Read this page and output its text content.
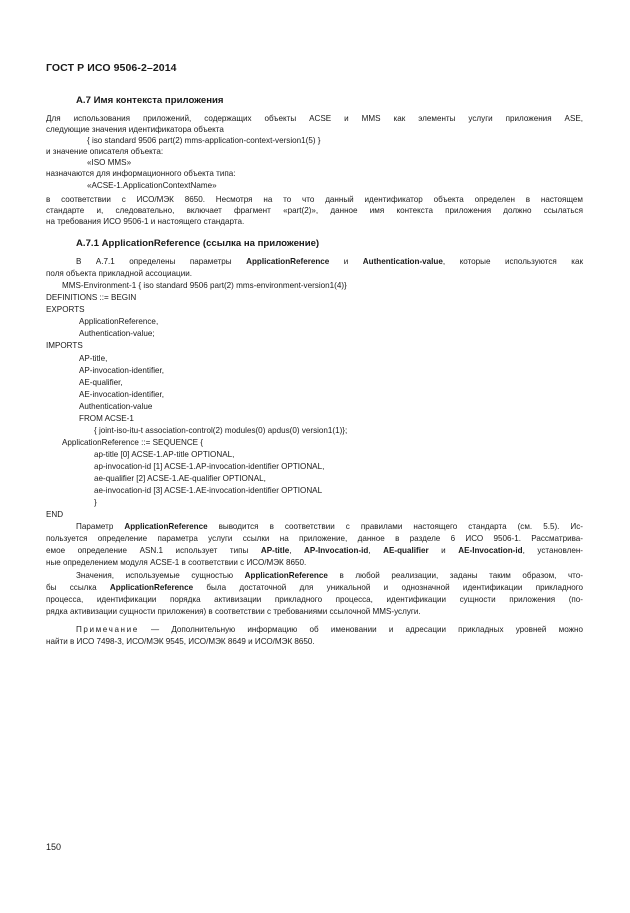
ГОСТ Р ИСО 9506-2–2014
А.7 Имя контекста приложения
Для использования приложений, содержащих объекты ACSE и MMS как элементы услуги приложения ASE,
следующие значения идентификатора объекта
{ iso standard 9506 part(2) mms-application-context-version1(5) }
и значение описателя объекта:
«ISO MMS»
назначаются для информационного объекта типа:
«ACSE-1.ApplicationContextName»
в соответствии с ИСО/МЭК 8650. Несмотря на то что данный идентификатор объекта определен в настоящем
стандарте и, следовательно, включает фрагмент «part(2)», данное имя контекста приложения должно ссылаться
на требования ИСО 9506-1 и настоящего стандарта.
А.7.1 ApplicationReference (ссылка на приложение)
В А.7.1 определены параметры ApplicationReference и Authentication-value, которые используются как
поля объекта прикладной ассоциации.
MMS-Environment-1 { iso standard 9506 part(2) mms-environment-version1(4)}
DEFINITIONS ::= BEGIN
EXPORTS
ApplicationReference,
Authentication-value;
IMPORTS
AP-title,
AP-invocation-identifier,
AE-qualifier,
AE-invocation-identifier,
Authentication-value
FROM ACSE-1
{ joint-iso-itu-t association-control(2) modules(0) apdus(0) version1(1)};
ApplicationReference ::= SEQUENCE {
ap-title [0] ACSE-1.AP-title OPTIONAL,
ap-invocation-id [1] ACSE-1.AP-invocation-identifier OPTIONAL,
ae-qualifier [2] ACSE-1.AE-qualifier OPTIONAL,
ae-invocation-id [3] ACSE-1.AE-invocation-identifier OPTIONAL
}
END
Параметр ApplicationReference выводится в соответствии с правилами настоящего стандарта (см. 5.5). Ис-
пользуется определение параметра услуги ссылки на приложение, данное в разделе 6 ИСО 9506-1. Рассматрива-
емое определение ASN.1 использует типы AP-title, AP-Invocation-id, AE-qualifier и AE-Invocation-id, установлен-
ные определением модуля ACSE-1 в соответствии с ИСО/МЭК 8650.
Значения, используемые сущностью ApplicationReference в любой реализации, заданы таким образом, что-
бы ссылка ApplicationReference была достаточной для уникальной и однозначной идентификации прикладного
процесса, идентификации порядка активизации прикладного процесса, идентификации сущности приложения (по-
рядка активизации сущности приложения) в соответствии с требованиями ссылочной MMS-услуги.
Примечание — Дополнительную информацию об именовании и адресации прикладных уровней можно
найти в ИСО 7498-3, ИСО/МЭК 9545, ИСО/МЭК 8649 и ИСО/МЭК 8650.
150
